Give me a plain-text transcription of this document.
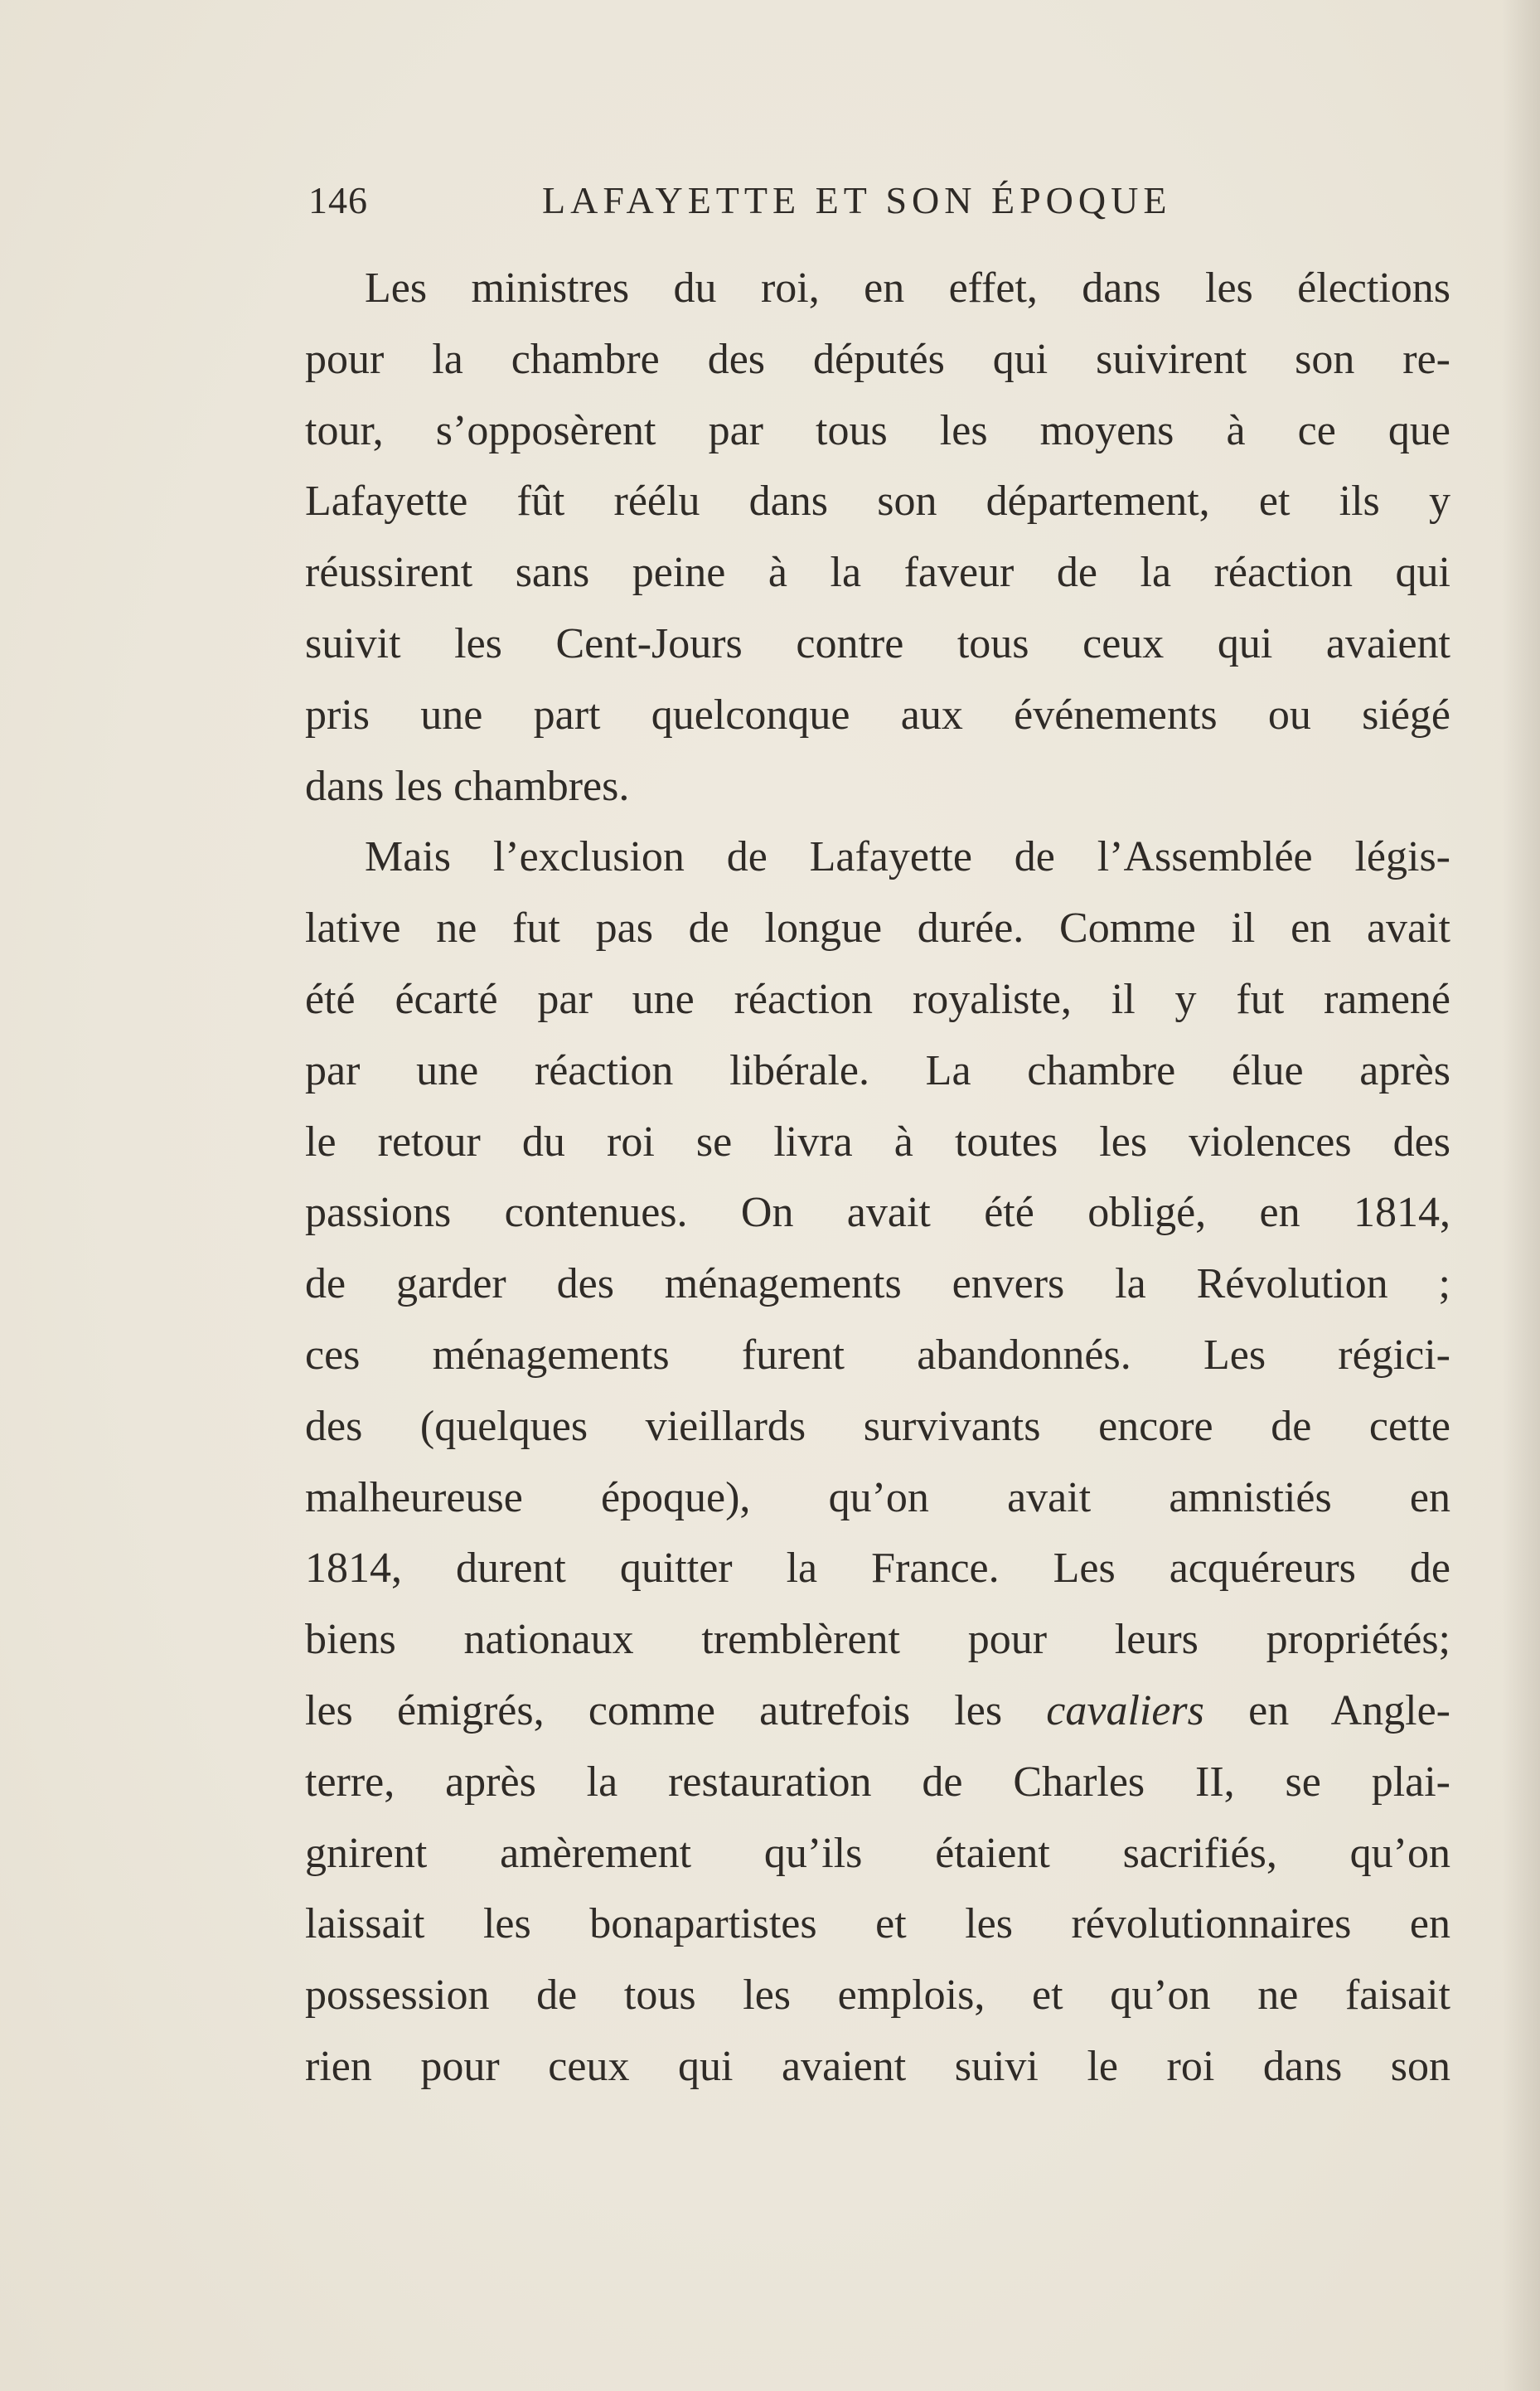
146	LAFAYETTE ET SON ÉPOQUE
Les ministres du roi, en effet, dans les élections
pour la chambre des députés qui suivirent son re-
tour, s’opposèrent par tous les moyens à ce que
Lafayette fût réélu dans son département, et ils y
réussirent sans peine à la faveur de la réaction qui
suivit les Cent-Jours contre tous ceux qui avaient
pris une part quelconque aux événements ou siégé
dans les chambres.
Mais l’exclusion de Lafayette de l’Assemblée légis-
lative ne fut pas de longue durée. Comme il en avait
été écarté par une réaction royaliste, il y fut ramené
par une réaction libérale. La chambre élue après
le retour du roi se livra à toutes les violences des
passions contenues. On avait été obligé, en 1814,
de garder des ménagements envers la Révolution ;
ces ménagements furent abandonnés. Les régici-
des (quelques vieillards survivants encore de cette
malheureuse époque), qu’on avait amnistiés en
1814, durent quitter la France. Les acquéreurs de
biens nationaux tremblèrent pour leurs propriétés;
les émigrés, comme autrefois les cavaliers en Angle-
terre, après la restauration de Charles II, se plai-
gnirent amèrement qu’ils étaient sacrifiés, qu’on
laissait les bonapartistes et les révolutionnaires en
possession de tous les emplois, et qu’on ne faisait
rien pour ceux qui avaient suivi le roi dans son
